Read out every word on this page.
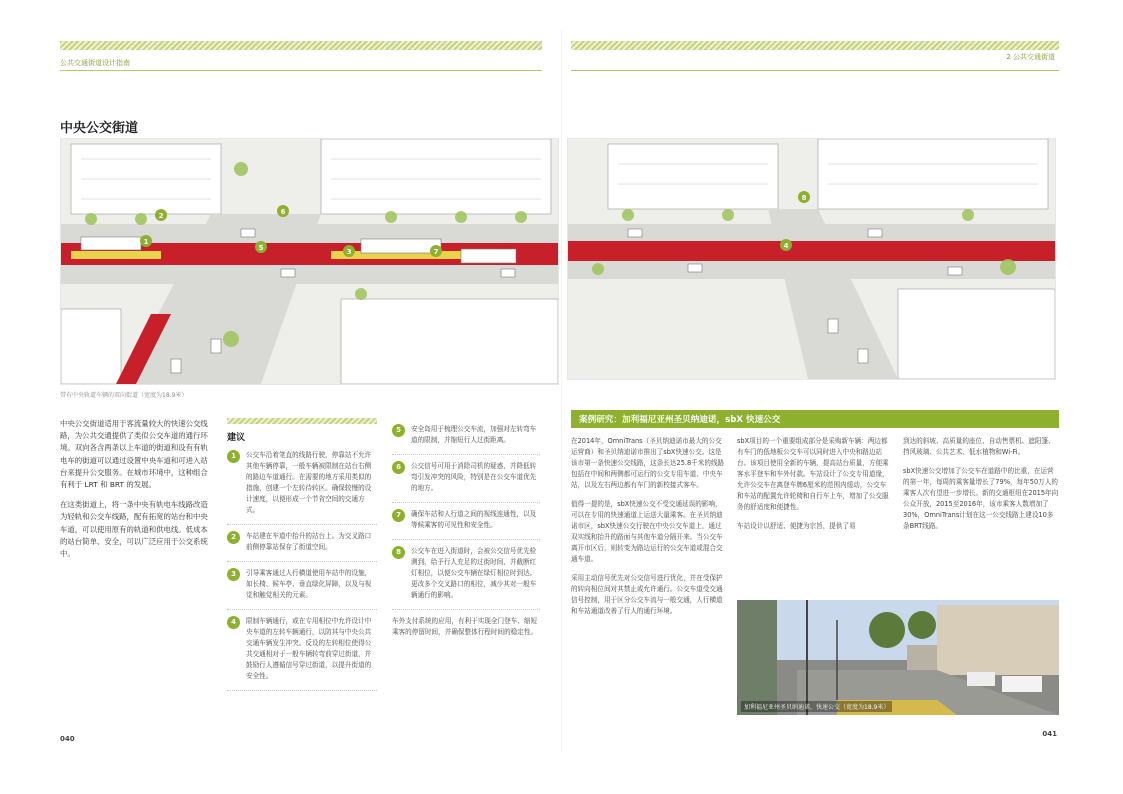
公共交通街道设计指南
中央公交街道
1
2
3
5
6
7
带有中央轨道车辆的双向街道（宽度为18.9米）

中央公交街道适用于客流量较大的快速公交线路，为公共交通提供了类似公交车道的通行环境。双向各含两条以上车道的街道和设有有轨电车的街道可以通过设置中央车道和可进入站台来提升公交服务。在城市环境中，这种组合有利于 LRT 和 BRT 的发展。

在这类街道上，将一条中央有轨电车线路改造为轻轨和公交车线路，配有拓宽的站台和中央车道，可以使用原有的轨道和供电线。低成本的站台简单、安全，可以广泛应用于公交系统中。

建议
1	公交车沿着笔直的线路行驶，停靠站不允许其他车辆停靠，一般车辆被限制在站台右侧的路边车道通行。在需要的地方采用类似的措施，创建一个左转待转区。确保较慢的设计速度，以便形成一个节省空间的交通方式。
2	车站建在车道中抬升的站台上。为交叉路口前侧停靠站保存了街道空间。
3	引导乘客通过人行横道使用车站中的设施，如长椅、候车亭、垂直绿化屏障，以及与视觉和触觉相关的元素。
4	限制车辆通行，或在专用相位中允许设计中央车道的左转车辆通行，以防其与中央公共交通车辆发生冲突。反设的左转相位使得公共交通相对于一般车辆转弯前穿过街道，并鼓励行人遵循信号穿过街道，以提升街道的安全性。
5	安全岛用于梳理公交车流，加强对左转弯车道的限制，并缩短行人过街距离。
6	公交信号可用于消除司机的疑惑，并降低转弯引发冲突的风险，特别是在公交车道优先的地方。
7	确保车站和人行道之间的视线连通性，以及等候乘客的可见性和安全性。
8	公交车在进入街道时，会被公交信号优先检测到，给予行人充足的过街时间，并截断红灯相位，以便公交车辆在绿灯相位时到达。更改多个交叉路口的相位，减少其对一般车辆通行的影响。
车外支付系统的应用，有利于实现全门登车、缩短乘客的停留时间，并确保整体行程时间的稳定性。
040
2 公共交通街道
4
8
案例研究：加利福尼亚州圣贝纳迪诺，sbX 快速公交

在2014年，OmniTrans（圣贝纳迪诺市最大的公交运营商）和圣贝纳迪诺市推出了sbX快速公交。这是该市第一条快速公交线路，这条长达25.8千米的线路包括在中间和两侧都可运行的公交专用车道、中央车站，以及左右两边都有车门的新校接式客车。

值得一提的是，sbX快速公交不受交通延误的影响，可以在专用的快速通道上运送大量乘客。在圣贝纳迪诺市区，sbX快速公交行驶在中央公交车道上，通过双实线和抬升的路面与其他车道分隔开来。当公交车离开市区后，则转变为路边运行的公交车道或混合交通车道。

采用主动信号优先对公交信号进行优化，并在受保护的转向相位间对其禁止或允许通行。公交车道受交通信号控制，用于区分公交车流与一般交通，人行横道和车站通道改善了行人的通行环境。

sbX项目的一个重要组成部分是采购新车辆：两边都有车门的低地板公交车可以同时进入中央和路边站台。该项目使用全新的车辆，提高站台质量，方便乘客水平登车和车外付款。车站设计了公交专用道缘，允许公交车在离登车牌6厘米的范围内缓动，公交车和车站的配置允许轮椅和自行车上车，增加了公交服务的舒适度和便捷性。

车站设计以舒适、便捷为宗旨，提供了易

到达的斜坡、高质量的座位、自动售票机、遮阳篷、挡风玻璃、公共艺术、低水植物和Wi-Fi。

sbX快速公交增加了公交车在道路中的比重，在运营的第一年，每周的乘客量增长了79%，每年50万人的乘客人次有望进一步增长。新的交通枢纽在2015年向公众开放，2015至2016年，该市乘客人数增加了30%，OmniTrans计划在这一公交线路上建设10多条BRT线路。

加利福尼亚州圣贝纳迪诺，快速公交（宽度为18.9米）
041
